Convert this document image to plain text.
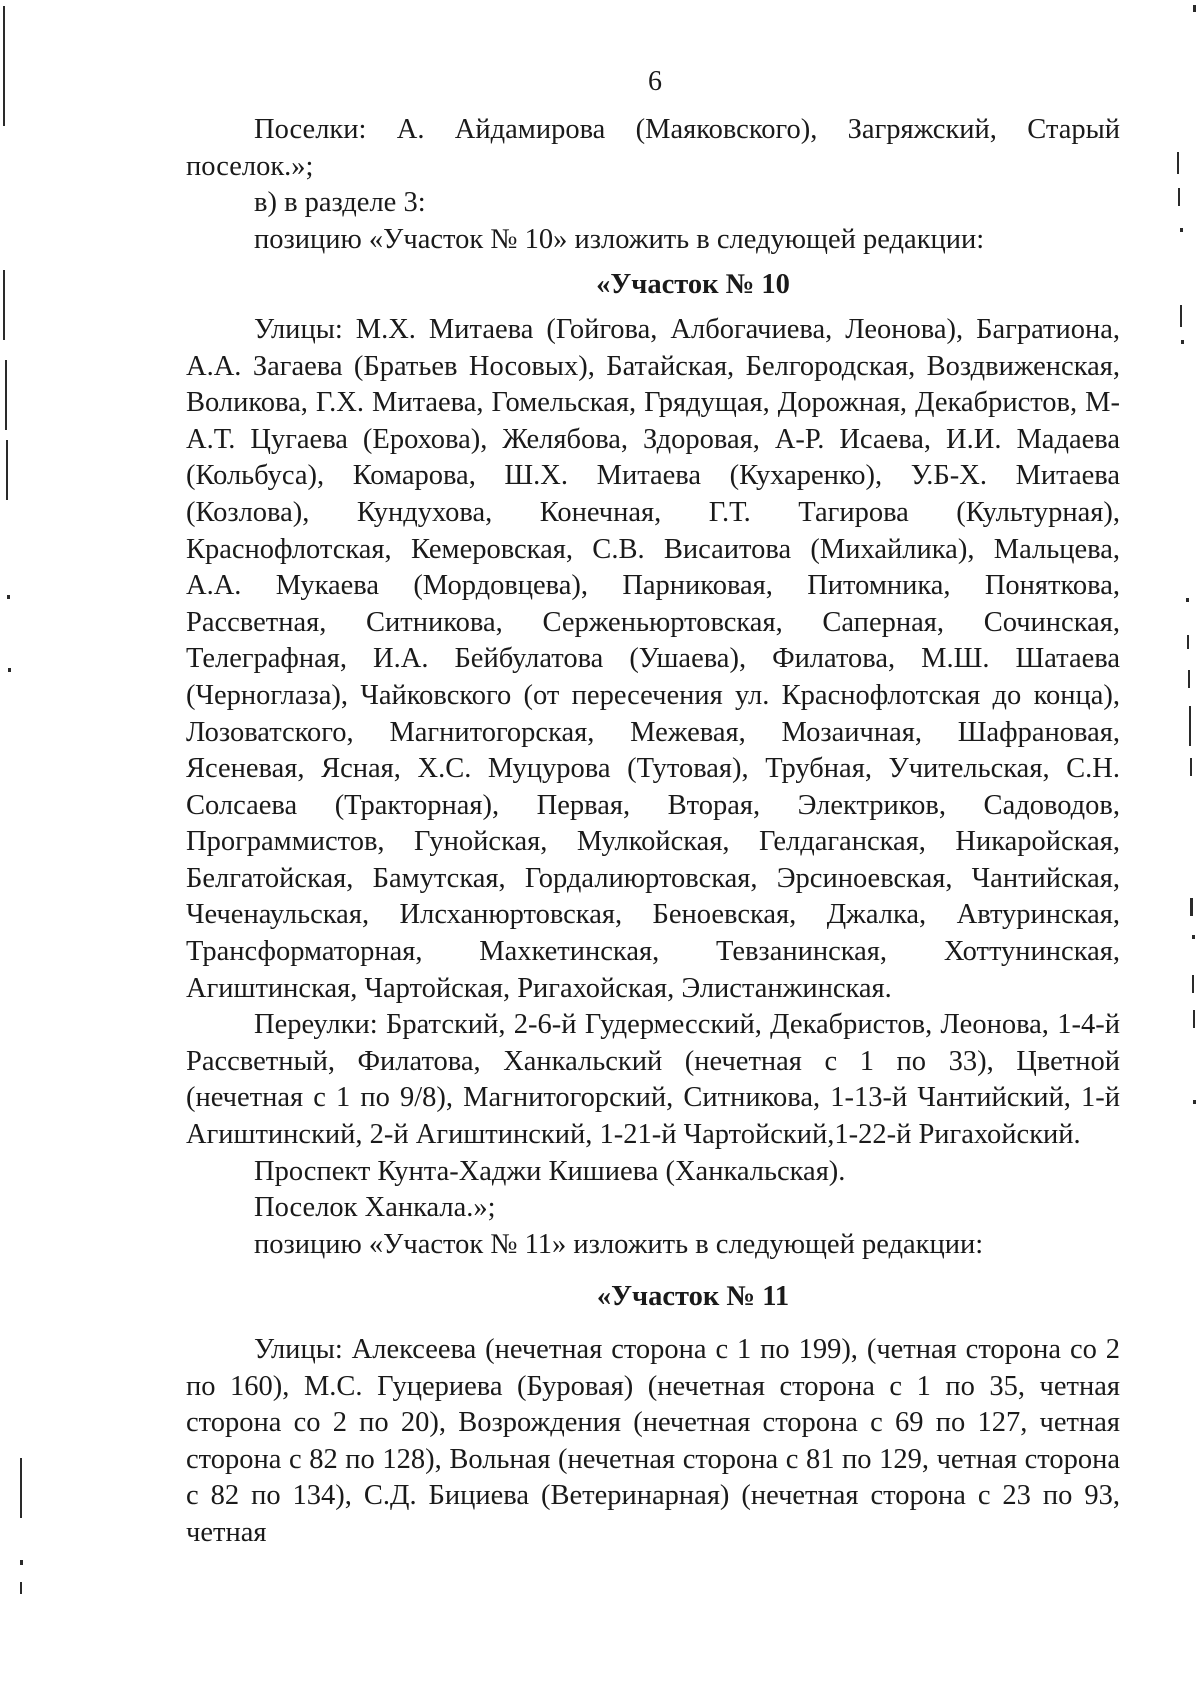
6

Поселки: А. Айдамирова (Маяковского), Загряжский, Старый поселок.»;

в) в разделе 3:

позицию «Участок № 10» изложить в следующей редакции:

«Участок № 10

Улицы: М.Х. Митаева (Гойгова, Албогачиева, Леонова), Багратиона, А.А. Загаева (Братьев Носовых), Батайская, Белгородская, Воздвиженская, Воликова, Г.Х. Митаева, Гомельская, Грядущая, Дорожная, Декабристов, М-А.Т. Цугаева (Ерохова), Желябова, Здоровая, А-Р. Исаева, И.И. Мадаева (Кольбуса), Комарова, Ш.Х. Митаева (Кухаренко), У.Б-Х. Митаева (Козлова), Кундухова, Конечная, Г.Т. Тагирова (Культурная), Краснофлотская, Кемеровская, С.В. Висаитова (Михайлика), Мальцева, А.А. Мукаева (Мордовцева), Парниковая, Питомника, Поняткова, Рассветная, Ситникова, Серженьюртовская, Саперная, Сочинская, Телеграфная, И.А. Бейбулатова (Ушаева), Филатова, М.Ш. Шатаева (Черноглаза), Чайковского (от пересечения ул. Краснофлотская до конца), Лозоватского, Магнитогорская, Межевая, Мозаичная, Шафрановая, Ясеневая, Ясная, Х.С. Муцурова (Тутовая), Трубная, Учительская, С.Н. Солсаева (Тракторная), Первая, Вторая, Электриков, Садоводов, Программистов, Гунойская, Мулкойская, Гелдаганская, Никаройская, Белгатойская, Бамутская, Гордалиюртовская, Эрсиноевская, Чантийская, Чеченаульская, Илсханюртовская, Беноевская, Джалка, Автуринская, Трансформаторная, Махкетинская, Тевзанинская, Хоттунинская, Агиштинская, Чартойская, Ригахойская, Элистанжинская.

Переулки: Братский, 2-6-й Гудермесский, Декабристов, Леонова, 1-4-й Рассветный, Филатова, Ханкальский (нечетная с 1 по 33), Цветной (нечетная с 1 по 9/8), Магнитогорский, Ситникова, 1-13-й Чантийский, 1-й Агиштинский, 2-й Агиштинский, 1-21-й Чартойский,1-22-й Ригахойский.

Проспект Кунта-Хаджи Кишиева (Ханкальская).

Поселок Ханкала.»;

позицию «Участок № 11» изложить в следующей редакции:

«Участок № 11

Улицы: Алексеева (нечетная сторона с 1 по 199), (четная сторона со 2 по 160), М.С. Гуцериева (Буровая) (нечетная сторона с 1 по 35, четная сторона со 2 по 20), Возрождения (нечетная сторона с 69 по 127, четная сторона с 82 по 128), Вольная (нечетная сторона с 81 по 129, четная сторона с 82 по 134), С.Д. Бициева (Ветеринарная) (нечетная сторона с 23 по 93, четная
